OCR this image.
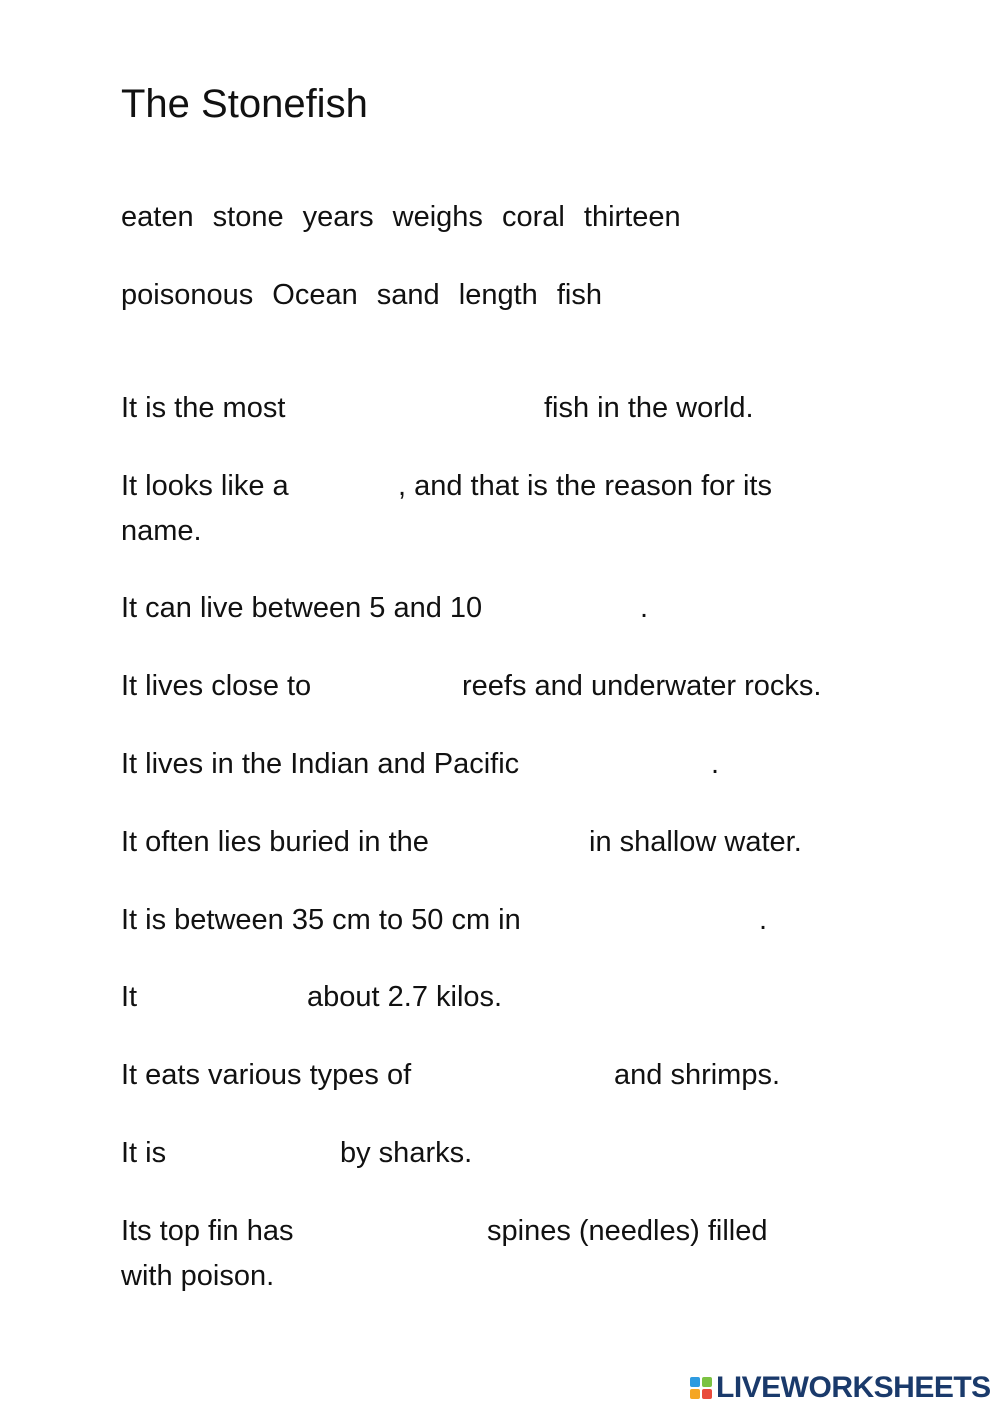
The Stonefish
eaten stone years weighs coral thirteen
poisonous Ocean sand length fish
It is the most	fish in the world.
It looks like a	, and that is the reason for its
name.
It can live between 5 and 10	.
It lives close to	reefs and underwater rocks.
It lives in the Indian and Pacific	.
It often lies buried in the	in shallow water.
It is between 35 cm to 50 cm in	.
It	about 2.7 kilos.
It eats various types of	and shrimps.
It is	by sharks.
Its top fin has	spines (needles) filled
with poison.
LIVEWORKSHEETS
